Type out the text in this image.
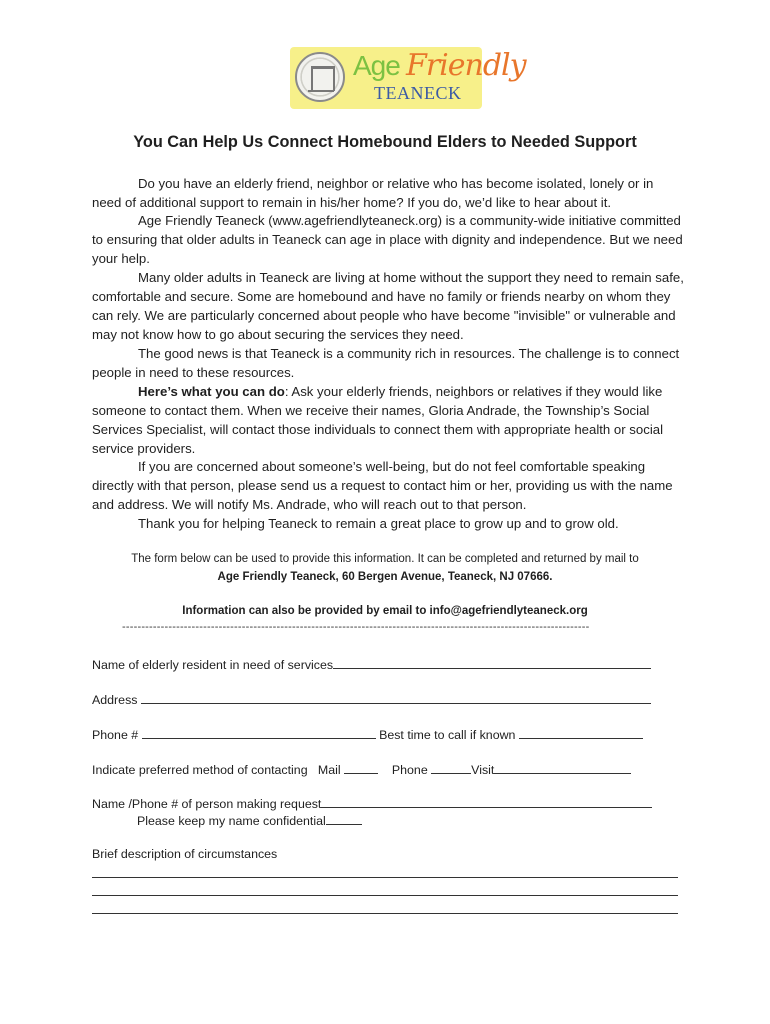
Age Friendly
TEANECK
You Can Help Us Connect Homebound Elders to Needed Support

Do you have an elderly friend, neighbor or relative who has become isolated, lonely or in need of additional support to remain in his/her home? If you do, we’d like to hear about it.

Age Friendly Teaneck (www.agefriendlyteaneck.org) is a community-wide initiative committed to ensuring that older adults in Teaneck can age in place with dignity and independence. But we need your help.

Many older adults in Teaneck are living at home without the support they need to remain safe, comfortable and secure. Some are homebound and have no family or friends nearby on whom they can rely. We are particularly concerned about people who have become "invisible" or vulnerable and may not know how to go about securing the services they need.

The good news is that Teaneck is a community rich in resources. The challenge is to connect people in need to these resources.

Here’s what you can do: Ask your elderly friends, neighbors or relatives if they would like someone to contact them. When we receive their names, Gloria Andrade, the Township’s Social Services Specialist, will contact those individuals to connect them with appropriate health or social service providers.

If you are concerned about someone’s well-being, but do not feel comfortable speaking directly with that person, please send us a request to contact him or her, providing us with the name and address. We will notify Ms. Andrade, who will reach out to that person.

Thank you for helping Teaneck to remain a great place to grow up and to grow old.

The form below can be used to provide this information. It can be completed and returned by mail to
Age Friendly Teaneck, 60 Bergen Avenue, Teaneck, NJ 07666.
Information can also be provided by email to info@agefriendlyteaneck.org
-------------------------------------------------------------------------------------------------------------------------
Name of elderly resident in need of services
Address
Phone #	Best time to call if known
Indicate preferred method of contacting Mail	Phone	Visit
Name /Phone # of person making request
Please keep my name confidential
Brief description of circumstances
